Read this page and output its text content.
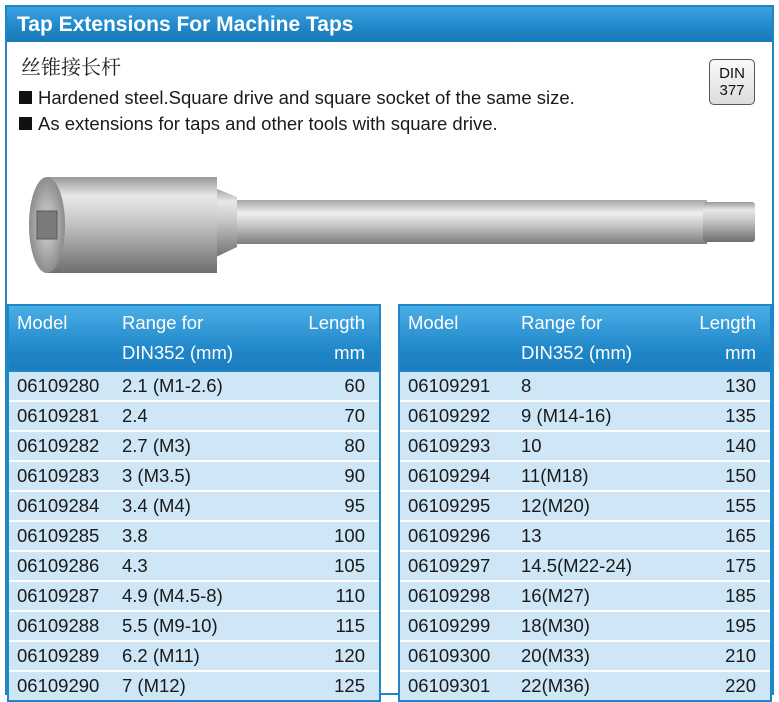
Tap Extensions For Machine Taps
丝锥接长杆
Hardened steel.Square drive and square socket of the same size.
As extensions for taps and other tools with square drive.
DIN
377
Model	Range for
DIN352 (mm)
Length
mm
06109280 2.1 (M1-2.6)	60
06109281 2.4	70
06109282 2.7 (M3)	80
06109283 3 (M3.5)	90
06109284 3.4 (M4)	95
06109285 3.8	100
06109286 4.3	105
06109287 4.9 (M4.5-8)	110
06109288 5.5 (M9-10)	115
06109289 6.2 (M11)	120
06109290 7 (M12)	125
Model	Range for
DIN352 (mm)
Length
mm
06109291 8	130
06109292 9 (M14-16)	135
06109293 10	140
06109294 11(M18)	150
06109295 12(M20)	155
06109296 13	165
06109297 14.5(M22-24)	175
06109298 16(M27)	185
06109299 18(M30)	195
06109300 20(M33)	210
06109301 22(M36)	220
